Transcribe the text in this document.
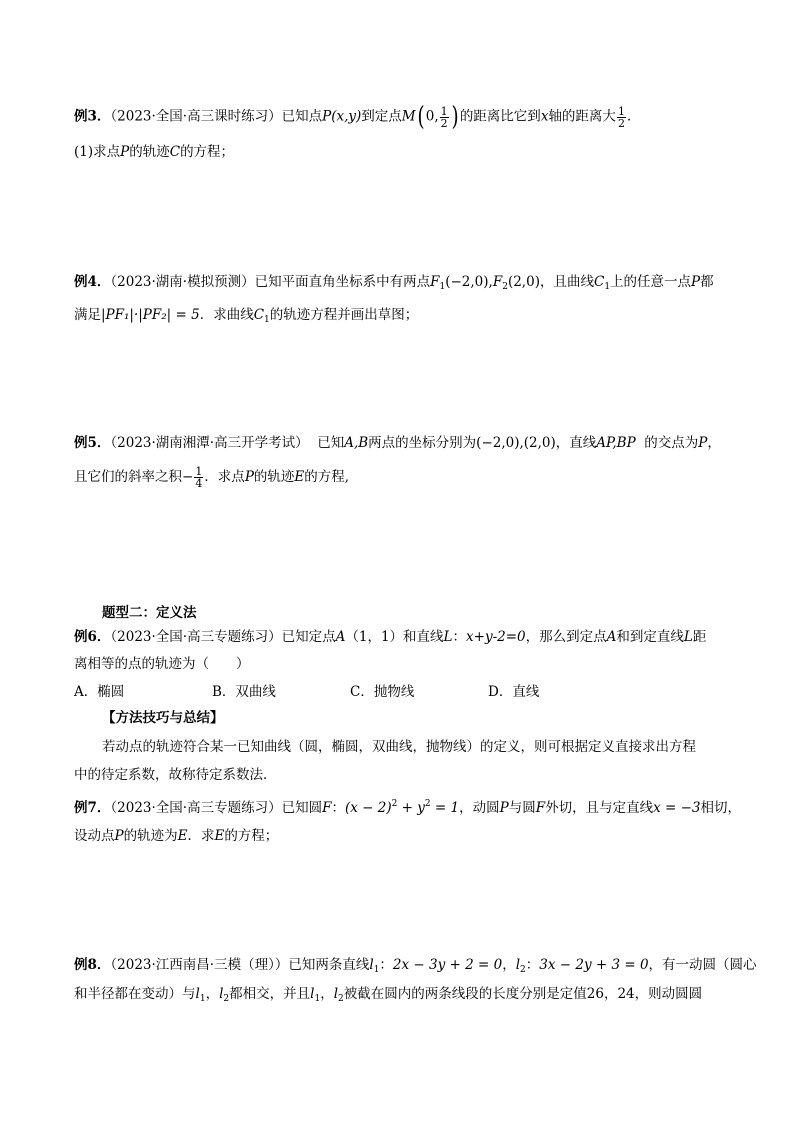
例3．（2023·全国·高三课时练习）已知点P(x,y)到定点M( 0, $\frac{1}{2}$ ) 的距离比它到x轴的距离大 $\frac{1}{2}$ ．
(1)求点P的轨迹C的方程；
例4．（2023·湖南·模拟预测）已知平面直角坐标系中有两点$F_1(-2,0),F_2(2,0)$，且曲线$C_1$上的任意一点P都
满足|PF₁|·|PF₂| = 5．求曲线$C_1$的轨迹方程并画出草图；
例5．（2023·湖南湘潭·高三开学考试） 已知A,B两点的坐标分别为(−2,0),(2,0)，直线AP,BP 的交点为P，
且它们的斜率之积− $\frac{1}{4}$ ．求点P的轨迹E的方程,
题型二：定义法
例6．（2023·全国·高三专题练习）已知定点A（1，1）和直线L：x+y-2=0，那么到定点A和到定直线L距
离相等的点的轨迹为（　　）
A．椭圆	B．双曲线	C．抛物线	D．直线
【方法技巧与总结】
若动点的轨迹符合某一已知曲线（圆，椭圆，双曲线，抛物线）的定义，则可根据定义直接求出方程
中的待定系数，故称待定系数法．
例7．（2023·全国·高三专题练习）已知圆F：$(x - 2)^2 + y^2 = 1$，动圆P与圆F外切，且与定直线x = −3相切，
设动点P的轨迹为E．求E的方程；
例8．（2023·江西南昌·三模（理））已知两条直线$l_1$：2x − 3y + 2 = 0，$l_2$：3x − 2y + 3 = 0，有一动圆（圆心
和半径都在变动）与$l_1$，$l_2$都相交，并且$l_1$，$l_2$被截在圆内的两条线段的长度分别是定值26，24，则动圆圆
